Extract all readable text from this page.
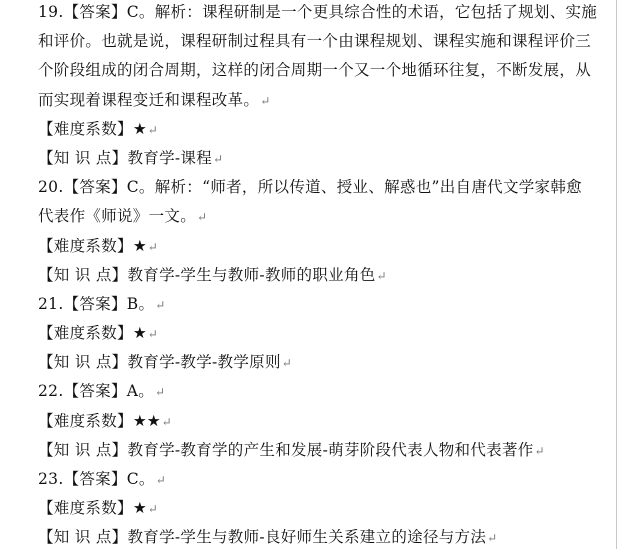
19.【答案】C。解析：课程研制是一个更具综合性的术语，它包括了规划、实施
和评价。也就是说，课程研制过程具有一个由课程规划、课程实施和课程评价三
个阶段组成的闭合周期，这样的闭合周期一个又一个地循环往复，不断发展，从
而实现着课程变迁和课程改革。↵
【难度系数】★↵
【知 识 点】教育学-课程↵
20.【答案】C。解析：“师者，所以传道、授业、解惑也”出自唐代文学家韩愈
代表作《师说》一文。↵
【难度系数】★↵
【知 识 点】教育学-学生与教师-教师的职业角色↵
21.【答案】B。↵
【难度系数】★↵
【知 识 点】教育学-教学-教学原则↵
22.【答案】A。↵
【难度系数】★★↵
【知 识 点】教育学-教育学的产生和发展-萌芽阶段代表人物和代表著作↵
23.【答案】C。↵
【难度系数】★↵
【知 识 点】教育学-学生与教师-良好师生关系建立的途径与方法↵
